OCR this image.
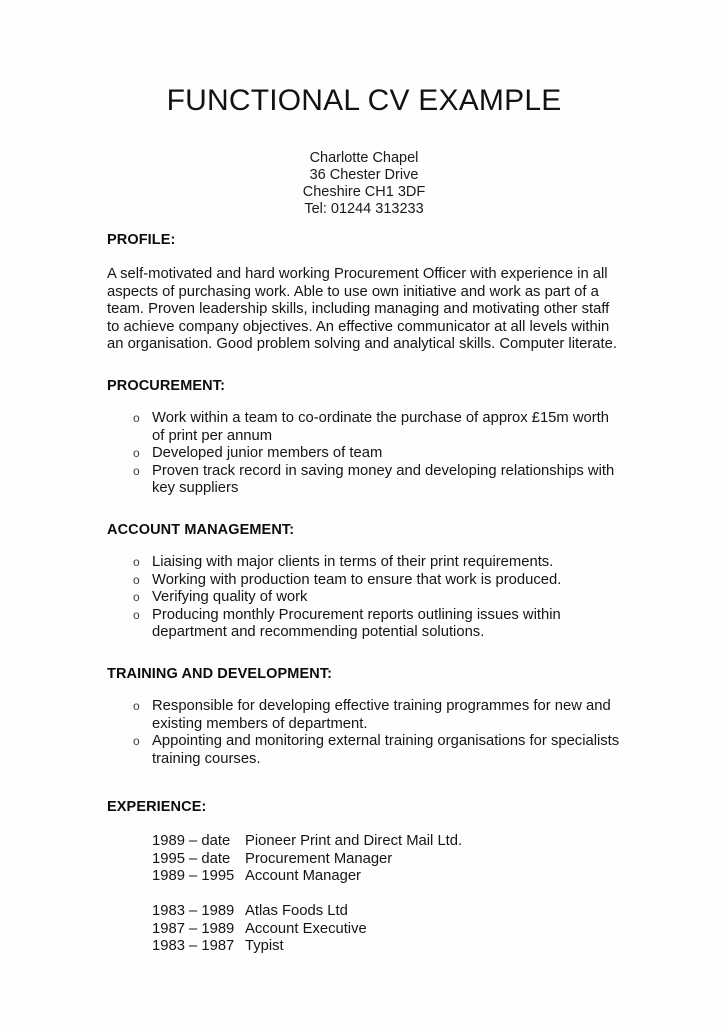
FUNCTIONAL CV EXAMPLE
Charlotte Chapel
36 Chester Drive
Cheshire CH1 3DF
Tel: 01244 313233
PROFILE:

A self-motivated and hard working Procurement Officer with experience in all aspects of purchasing work. Able to use own initiative and work as part of a team. Proven leadership skills, including managing and motivating other staff to achieve company objectives. An effective communicator at all levels within an organisation. Good problem solving and analytical skills. Computer literate.

PROCUREMENT:
o Work within a team to co-ordinate the purchase of approx £15m worth of print per annum
o Developed junior members of team
o Proven track record in saving money and developing relationships with key suppliers
ACCOUNT MANAGEMENT:
o Liaising with major clients in terms of their print requirements.
o Working with production team to ensure that work is produced.
o Verifying quality of work
o Producing monthly Procurement reports outlining issues within department and recommending potential solutions.
TRAINING AND DEVELOPMENT:
o Responsible for developing effective training programmes for new and existing members of department.
o Appointing and monitoring external training organisations for specialists training courses.
EXPERIENCE:
1989 – date	Pioneer Print and Direct Mail Ltd.
1995 – date	Procurement Manager
1989 – 1995 Account Manager
1983 – 1989 Atlas Foods Ltd
1987 – 1989 Account Executive
1983 – 1987 Typist
